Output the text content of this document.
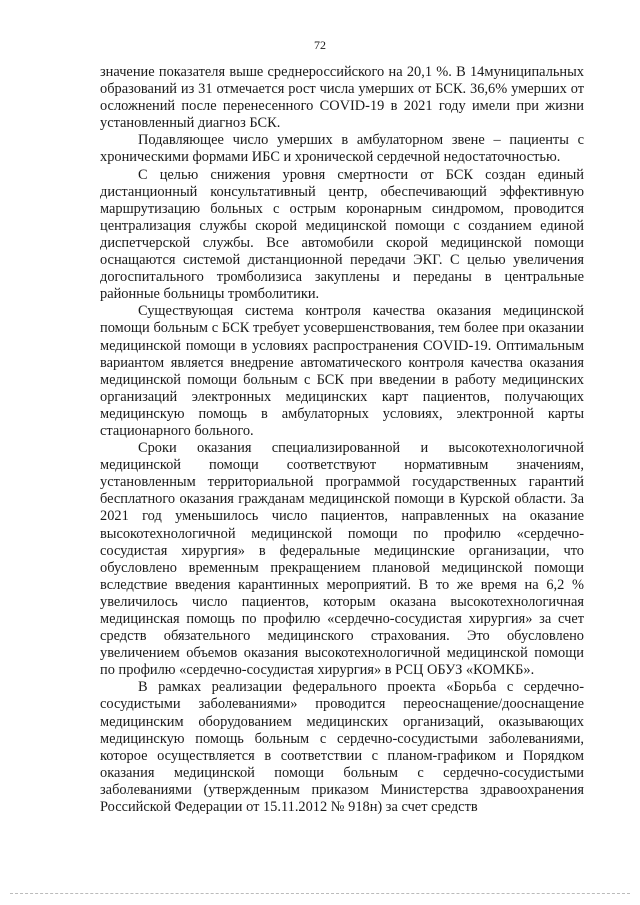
72

значение показателя выше среднероссийского на 20,1 %. В 14муниципальных образований из 31 отмечается рост числа умерших от БСК. 36,6% умерших от осложнений после перенесенного COVID-19 в 2021 году имели при жизни установленный диагноз БСК.

Подавляющее число умерших в амбулаторном звене – пациенты с хроническими формами ИБС и хронической сердечной недостаточностью.

С целью снижения уровня смертности от БСК создан единый дистанционный консультативный центр, обеспечивающий эффективную маршрутизацию больных с острым коронарным синдромом, проводится централизация службы скорой медицинской помощи с созданием единой диспетчерской службы. Все автомобили скорой медицинской помощи оснащаются системой дистанционной передачи ЭКГ. С целью увеличения догоспитального тромболизиса закуплены и переданы в центральные районные больницы тромболитики.

Существующая система контроля качества оказания медицинской помощи больным с БСК требует усовершенствования, тем более при оказании медицинской помощи в условиях распространения COVID-19. Оптимальным вариантом является внедрение автоматического контроля качества оказания медицинской помощи больным с БСК при введении в работу медицинских организаций электронных медицинских карт пациентов, получающих медицинскую помощь в амбулаторных условиях, электронной карты стационарного больного.

Сроки оказания специализированной и высокотехнологичной медицинской помощи соответствуют нормативным значениям, установленным территориальной программой государственных гарантий бесплатного оказания гражданам медицинской помощи в Курской области. За 2021 год уменьшилось число пациентов, направленных на оказание высокотехнологичной медицинской помощи по профилю «сердечно-сосудистая хирургия» в федеральные медицинские организации, что обусловлено временным прекращением плановой медицинской помощи вследствие введения карантинных мероприятий. В то же время на 6,2 % увеличилось число пациентов, которым оказана высокотехнологичная медицинская помощь по профилю «сердечно-сосудистая хирургия» за счет средств обязательного медицинского страхования. Это обусловлено увеличением объемов оказания высокотехнологичной медицинской помощи по профилю «сердечно-сосудистая хирургия» в РСЦ ОБУЗ «КОМКБ».

В рамках реализации федерального проекта «Борьба с сердечно-сосудистыми заболеваниями» проводится переоснащение/дооснащение медицинским оборудованием медицинских организаций, оказывающих медицинскую помощь больным с сердечно-сосудистыми заболеваниями, которое осуществляется в соответствии с планом-графиком и Порядком оказания медицинской помощи больным с сердечно-сосудистыми заболеваниями (утвержденным приказом Министерства здравоохранения Российской Федерации от 15.11.2012 № 918н) за счет средств
